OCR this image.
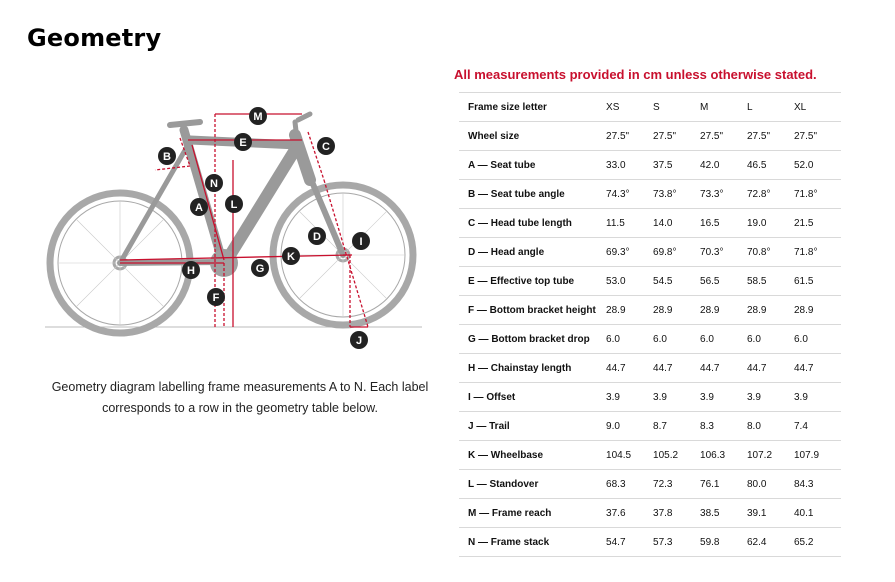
Geometry
M
E	C
B
N
A	L
D	I
H	G
K
F
J
Geometry diagram labelling frame measurements A to N. Each label corresponds to a row in the geometry table below.
All measurements provided in cm unless otherwise stated.
Frame size letter	XS	S	M	L	XL
Wheel size	27.5"	27.5"	27.5"	27.5"	27.5"
A — Seat tube	33.0	37.5	42.0	46.5	52.0
B — Seat tube angle	74.3°	73.8°	73.3°	72.8°	71.8°
C — Head tube length	11.5	14.0	16.5	19.0	21.5
D — Head angle	69.3°	69.8°	70.3°	70.8°	71.8°
E — Effective top tube	53.0	54.5	56.5	58.5	61.5
F — Bottom bracket height	28.9	28.9	28.9	28.9	28.9
G — Bottom bracket drop	6.0	6.0	6.0	6.0	6.0
H — Chainstay length	44.7	44.7	44.7	44.7	44.7
I — Offset	3.9	3.9	3.9	3.9	3.9
J — Trail	9.0	8.7	8.3	8.0	7.4
K — Wheelbase	104.5	105.2	106.3	107.2	107.9
L — Standover	68.3	72.3	76.1	80.0	84.3
M — Frame reach	37.6	37.8	38.5	39.1	40.1
N — Frame stack	54.7	57.3	59.8	62.4	65.2
